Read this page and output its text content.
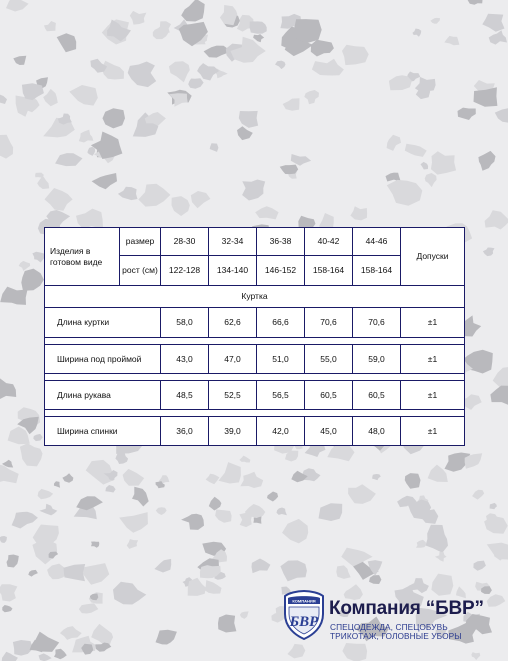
Изделия в готовом виде	размер	28-30	32-34	36-38	40-42	44-46	Допуски
	рост (см)	122-128	134-140	146-152	158-164	158-164	
Куртка							
Длина куртки		58,0	62,6	66,6	70,6	70,6	±1

Ширина под проймой		43,0	47,0	51,0	55,0	59,0	±1

Длина рукава		48,5	52,5	56,5	60,5	60,5	±1

Ширина спинки		36,0	39,0	42,0	45,0	48,0	±1
КОМПАНИЯ
БВР
Компания “БВР”
СПЕЦОДЕЖДА, СПЕЦОБУВЬ
ТРИКОТАЖ, ГОЛОВНЫЕ УБОРЫ
